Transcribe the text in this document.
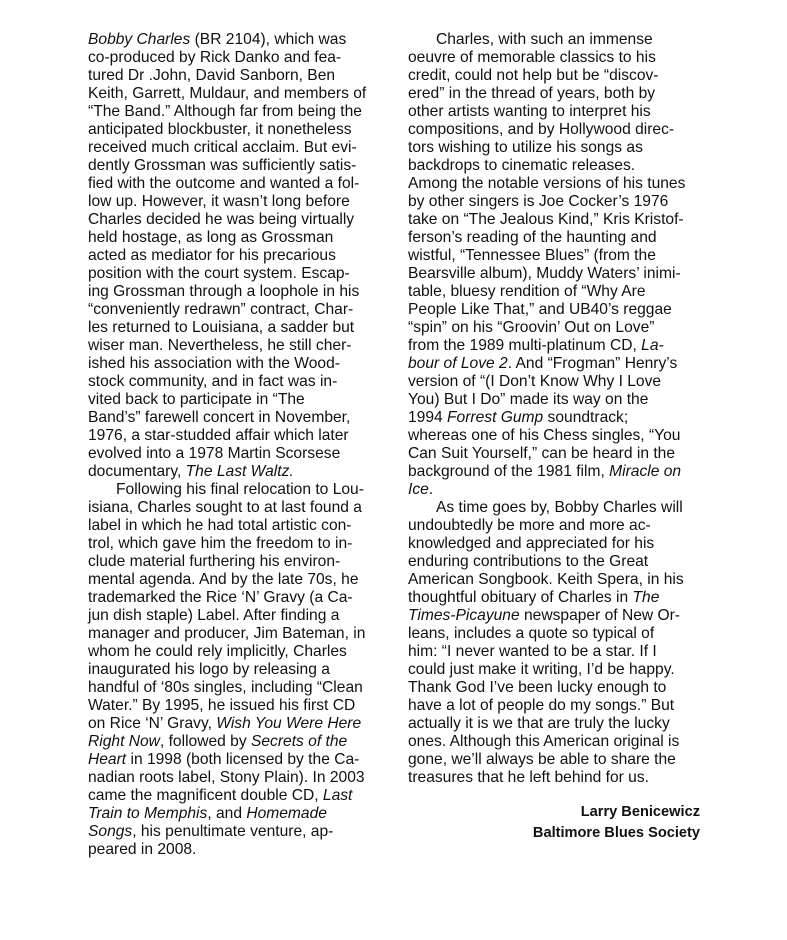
Bobby Charles (BR 2104), which was
co-produced by Rick Danko and fea-
tured Dr .John, David Sanborn, Ben
Keith, Garrett, Muldaur, and members of
“The Band.” Although far from being the
anticipated blockbuster, it nonetheless
received much critical acclaim. But evi-
dently Grossman was sufficiently satis-
fied with the outcome and wanted a fol-
low up. However, it wasn’t long before
Charles decided he was being virtually
held hostage, as long as Grossman
acted as mediator for his precarious
position with the court system. Escap-
ing Grossman through a loophole in his
“conveniently redrawn” contract, Char-
les returned to Louisiana, a sadder but
wiser man. Nevertheless, he still cher-
ished his association with the Wood-
stock community, and in fact was in-
vited back to participate in “The
Band’s” farewell concert in November,
1976, a star-studded affair which later
evolved into a 1978 Martin Scorsese
documentary, The Last Waltz.
Following his final relocation to Lou-
isiana, Charles sought to at last found a
label in which he had total artistic con-
trol, which gave him the freedom to in-
clude material furthering his environ-
mental agenda. And by the late 70s, he
trademarked the Rice ‘N’ Gravy (a Ca-
jun dish staple) Label. After finding a
manager and producer, Jim Bateman, in
whom he could rely implicitly, Charles
inaugurated his logo by releasing a
handful of ‘80s singles, including “Clean
Water.” By 1995, he issued his first CD
on Rice ‘N’ Gravy, Wish You Were Here
Right Now, followed by Secrets of the
Heart in 1998 (both licensed by the Ca-
nadian roots label, Stony Plain). In 2003
came the magnificent double CD, Last
Train to Memphis, and Homemade
Songs, his penultimate venture, ap-
peared in 2008.
Charles, with such an immense
oeuvre of memorable classics to his
credit, could not help but be “discov-
ered” in the thread of years, both by
other artists wanting to interpret his
compositions, and by Hollywood direc-
tors wishing to utilize his songs as
backdrops to cinematic releases.
Among the notable versions of his tunes
by other singers is Joe Cocker’s 1976
take on “The Jealous Kind,” Kris Kristof-
ferson’s reading of the haunting and
wistful, “Tennessee Blues” (from the
Bearsville album), Muddy Waters’ inimi-
table, bluesy rendition of “Why Are
People Like That,” and UB40’s reggae
“spin” on his “Groovin’ Out on Love”
from the 1989 multi-platinum CD, La-
bour of Love 2. And “Frogman” Henry’s
version of “(I Don’t Know Why I Love
You) But I Do” made its way on the
1994 Forrest Gump soundtrack;
whereas one of his Chess singles, “You
Can Suit Yourself,” can be heard in the
background of the 1981 film, Miracle on
Ice.
As time goes by, Bobby Charles will
undoubtedly be more and more ac-
knowledged and appreciated for his
enduring contributions to the Great
American Songbook. Keith Spera, in his
thoughtful obituary of Charles in The
Times-Picayune newspaper of New Or-
leans, includes a quote so typical of
him: “I never wanted to be a star. If I
could just make it writing, I’d be happy.
Thank God I’ve been lucky enough to
have a lot of people do my songs.” But
actually it is we that are truly the lucky
ones. Although this American original is
gone, we’ll always be able to share the
treasures that he left behind for us.
Larry Benicewicz
Baltimore Blues Society
